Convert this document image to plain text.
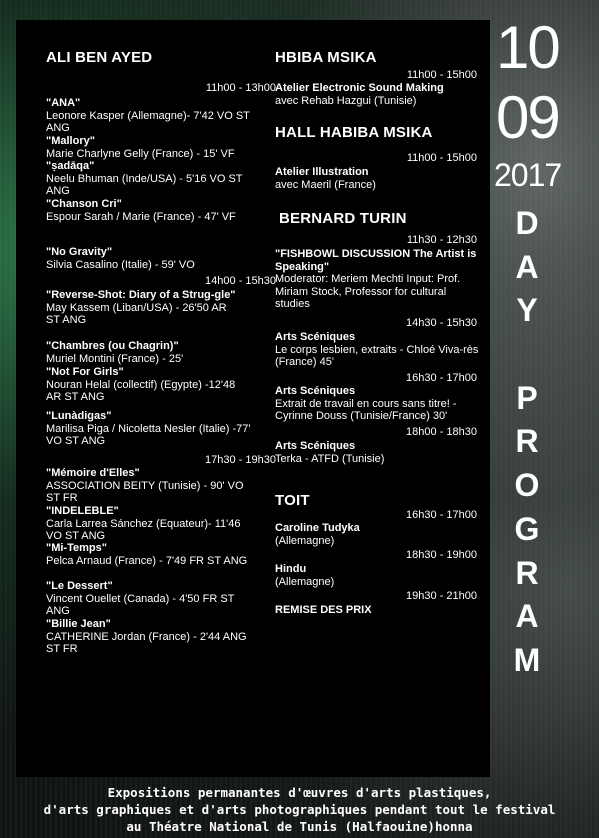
ALI BEN AYED
11h00 - 13h00
"ANA"
Leonore Kasper (Allemagne)- 7'42 VO ST ANG
"Mallory"
Marie Charlyne Gelly (France) - 15' VF
"ṣadāqa"
Neelu Bhuman (Inde/USA) - 5'16 VO ST ANG
"Chanson Cri"
Espour Sarah / Marie (France) - 47' VF
"No Gravity"
Silvia Casalino (Italie) - 59' VO
14h00 - 15h30
"Reverse-Shot: Diary of a Strug-gle"
May Kassem (Liban/USA) - 26'50 AR ST ANG
"Chambres (ou Chagrin)"
Muriel Montini (France) - 25'
"Not For Girls"
Nouran Helal (collectif) (Egypte) -12'48 AR ST ANG
"Lunàdigas"
Marilisa Piga / Nicoletta Nesler (Italie) -77' VO ST ANG
17h30 - 19h30
"Mémoire d'Elles"
ASSOCIATION BEITY (Tunisie) - 90' VO ST FR
"INDELEBLE"
Carla Larrea Sánchez (Equateur)- 11'46 VO ST ANG
"Mi-Temps"
Pelca Arnaud (France) - 7'49 FR ST ANG
"Le Dessert"
Vincent Ouellet (Canada) - 4'50 FR ST ANG
"Billie Jean"
CATHERINE Jordan (France) - 2'44 ANG ST FR
HBIBA MSIKA
11h00 - 15h00
Atelier Electronic Sound Making
avec Rehab Hazgui (Tunisie)
HALL HABIBA MSIKA
11h00 - 15h00
Atelier Illustration
avec Maeril (France)
BERNARD TURIN
11h30 - 12h30
"FISHBOWL DISCUSSION The Artist is Speaking"
Moderator: Meriem Mechti Input: Prof. Miriam Stock, Professor for cultural studies
14h30 - 15h30
Arts Scéniques
Le corps lesbien, extraits - Chloé Viva-rès (France) 45'
16h30 - 17h00
Arts Scéniques
Extrait de travail en cours sans titre! - Cyrinne Douss (Tunisie/France) 30'
18h00 - 18h30
Arts Scéniques
Terka - ATFD (Tunisie)
TOIT
16h30 - 17h00
Caroline Tudyka
(Allemagne)
18h30 - 19h00
Hindu
(Allemagne)
19h30 - 21h00
REMISE DES PRIX
10
09
2017
D
A
Y
P
R
O
G
R
A
M
Expositions permanantes d'œuvres d'arts plastiques,
d'arts graphiques et d'arts photographiques pendant tout le festival
au Théatre National de Tunis (Halfaouine)honna
